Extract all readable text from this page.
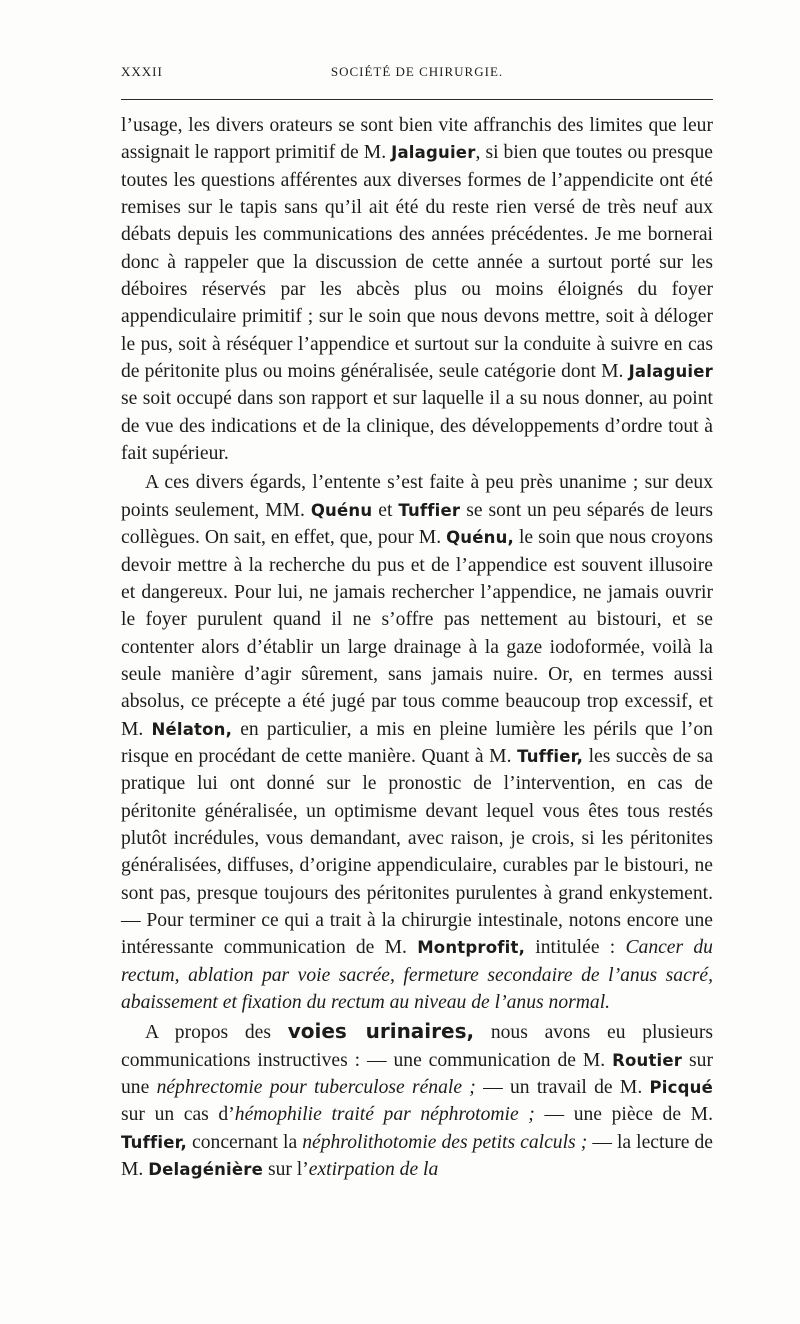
XXXII	SOCIÉTÉ DE CHIRURGIE.

l’usage, les divers orateurs se sont bien vite affranchis des limites que leur assignait le rapport primitif de M. Jalaguier, si bien que toutes ou presque toutes les questions afférentes aux diverses formes de l’appendicite ont été remises sur le tapis sans qu’il ait été du reste rien versé de très neuf aux débats depuis les communications des années précédentes. Je me bornerai donc à rappeler que la discussion de cette année a surtout porté sur les déboires réservés par les abcès plus ou moins éloignés du foyer appendiculaire primitif ; sur le soin que nous devons mettre, soit à déloger le pus, soit à réséquer l’appendice et surtout sur la conduite à suivre en cas de péritonite plus ou moins généralisée, seule catégorie dont M. Jalaguier se soit occupé dans son rapport et sur laquelle il a su nous donner, au point de vue des indications et de la clinique, des développements d’ordre tout à fait supérieur.

A ces divers égards, l’entente s’est faite à peu près unanime ; sur deux points seulement, MM. Quénu et Tuffier se sont un peu séparés de leurs collègues. On sait, en effet, que, pour M. Quénu, le soin que nous croyons devoir mettre à la recherche du pus et de l’appendice est souvent illusoire et dangereux. Pour lui, ne jamais rechercher l’appendice, ne jamais ouvrir le foyer purulent quand il ne s’offre pas nettement au bistouri, et se contenter alors d’établir un large drainage à la gaze iodoformée, voilà la seule manière d’agir sûrement, sans jamais nuire. Or, en termes aussi absolus, ce précepte a été jugé par tous comme beaucoup trop excessif, et M. Nélaton, en particulier, a mis en pleine lumière les périls que l’on risque en procédant de cette manière. Quant à M. Tuffier, les succès de sa pratique lui ont donné sur le pronostic de l’intervention, en cas de péritonite généralisée, un optimisme devant lequel vous êtes tous restés plutôt incrédules, vous demandant, avec raison, je crois, si les péritonites généralisées, diffuses, d’origine appendiculaire, curables par le bistouri, ne sont pas, presque toujours des péritonites purulentes à grand enkystement. — Pour terminer ce qui a trait à la chirurgie intestinale, notons encore une intéressante communication de M. Montprofit, intitulée : Cancer du rectum, ablation par voie sacrée, fermeture secondaire de l’anus sacré, abaissement et fixation du rectum au niveau de l’anus normal.

A propos des voies urinaires, nous avons eu plusieurs communications instructives : — une communication de M. Routier sur une néphrectomie pour tuberculose rénale ; — un travail de M. Picqué sur un cas d’hémophilie traité par néphrotomie ; — une pièce de M. Tuffier, concernant la néphrolithotomie des petits calculs ; — la lecture de M. Delagénière sur l’extirpation de la
